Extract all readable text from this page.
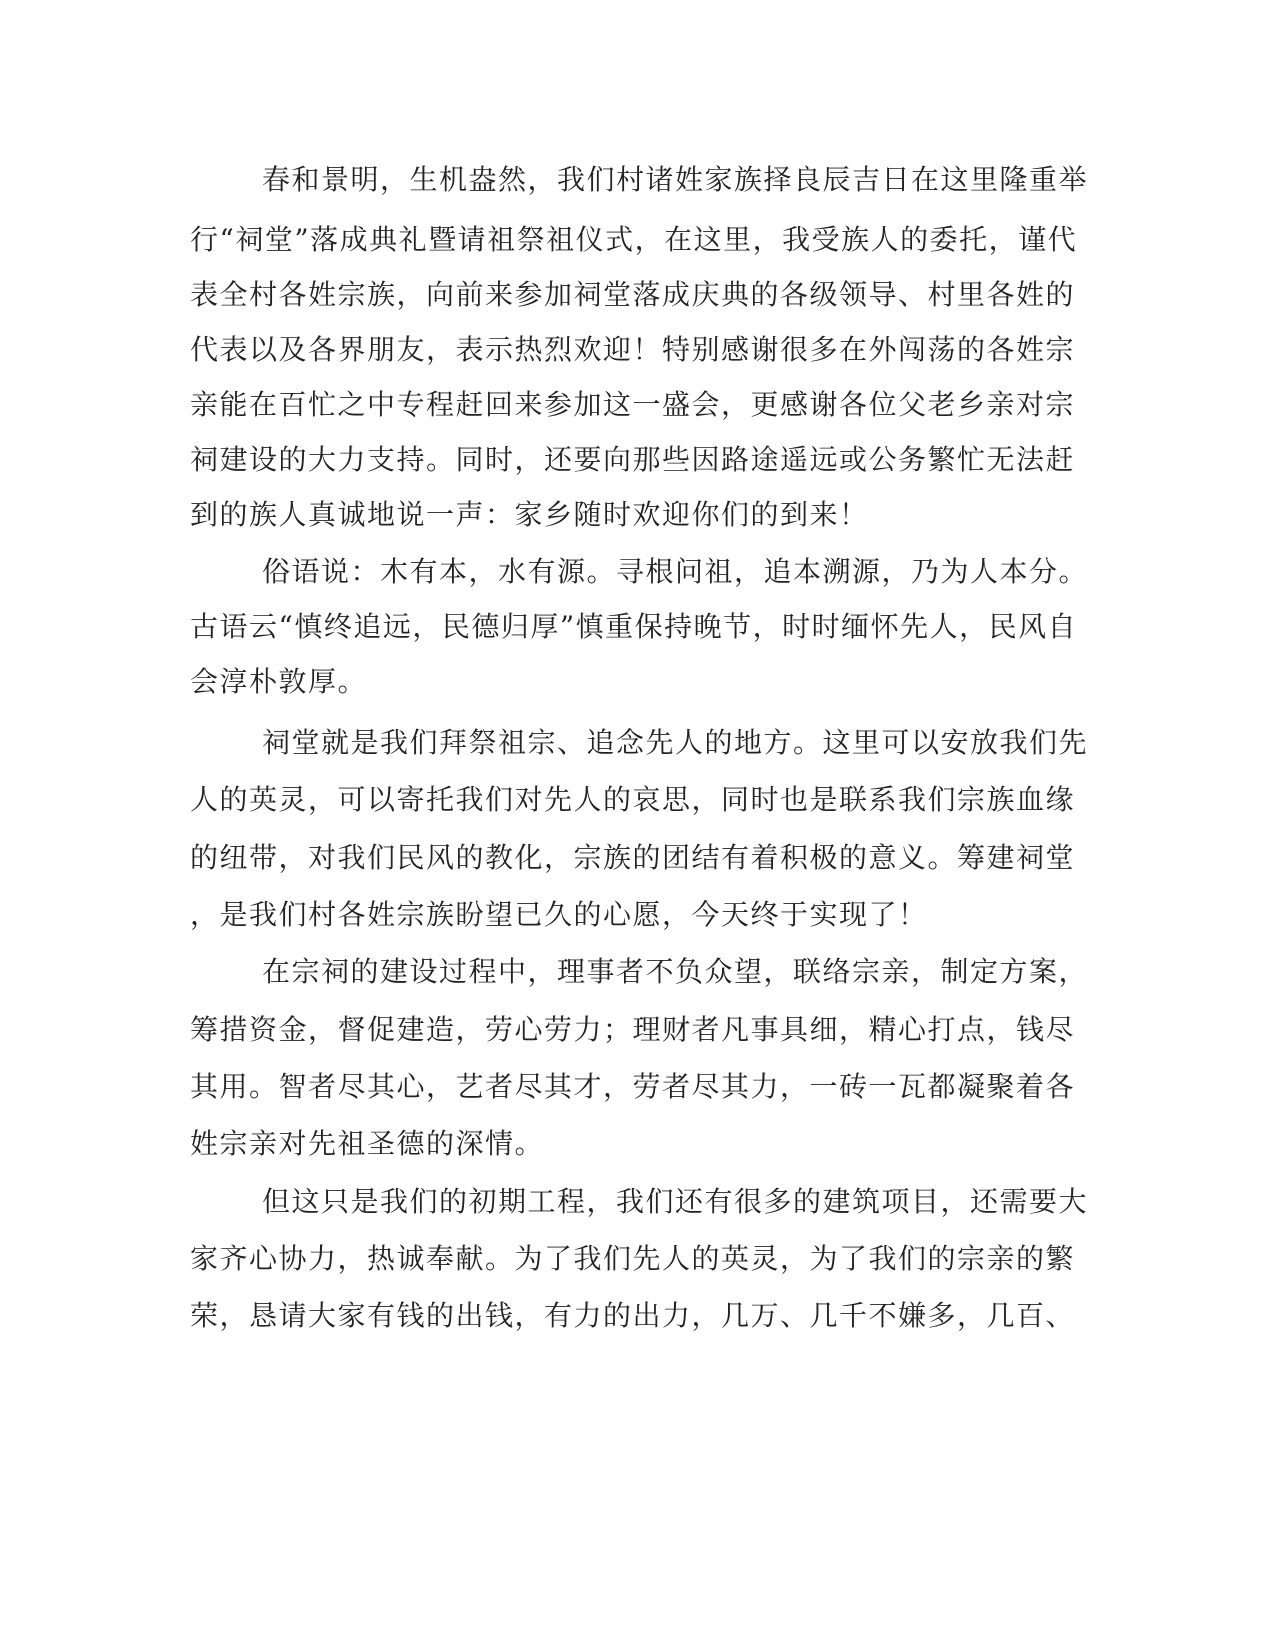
春和景明，生机盎然，我们村诸姓家族择良辰吉日在这里隆重举
行“祠堂”落成典礼暨请祖祭祖仪式，在这里，我受族人的委托，谨代
表全村各姓宗族，向前来参加祠堂落成庆典的各级领导、村里各姓的
代表以及各界朋友，表示热烈欢迎！特别感谢很多在外闯荡的各姓宗
亲能在百忙之中专程赶回来参加这一盛会，更感谢各位父老乡亲对宗
祠建设的大力支持。同时，还要向那些因路途遥远或公务繁忙无法赶
到的族人真诚地说一声：家乡随时欢迎你们的到来！
俗语说：木有本，水有源。寻根问祖，追本溯源，乃为人本分。
古语云“慎终追远，民德归厚”慎重保持晚节，时时缅怀先人，民风自
会淳朴敦厚。
祠堂就是我们拜祭祖宗、追念先人的地方。这里可以安放我们先
人的英灵，可以寄托我们对先人的哀思，同时也是联系我们宗族血缘
的纽带，对我们民风的教化，宗族的团结有着积极的意义。筹建祠堂
，是我们村各姓宗族盼望已久的心愿，今天终于实现了！
在宗祠的建设过程中，理事者不负众望，联络宗亲，制定方案，
筹措资金，督促建造，劳心劳力；理财者凡事具细，精心打点，钱尽
其用。智者尽其心，艺者尽其才，劳者尽其力，一砖一瓦都凝聚着各
姓宗亲对先祖圣德的深情。
但这只是我们的初期工程，我们还有很多的建筑项目，还需要大
家齐心协力，热诚奉献。为了我们先人的英灵，为了我们的宗亲的繁
荣，恳请大家有钱的出钱，有力的出力，几万、几千不嫌多，几百、
